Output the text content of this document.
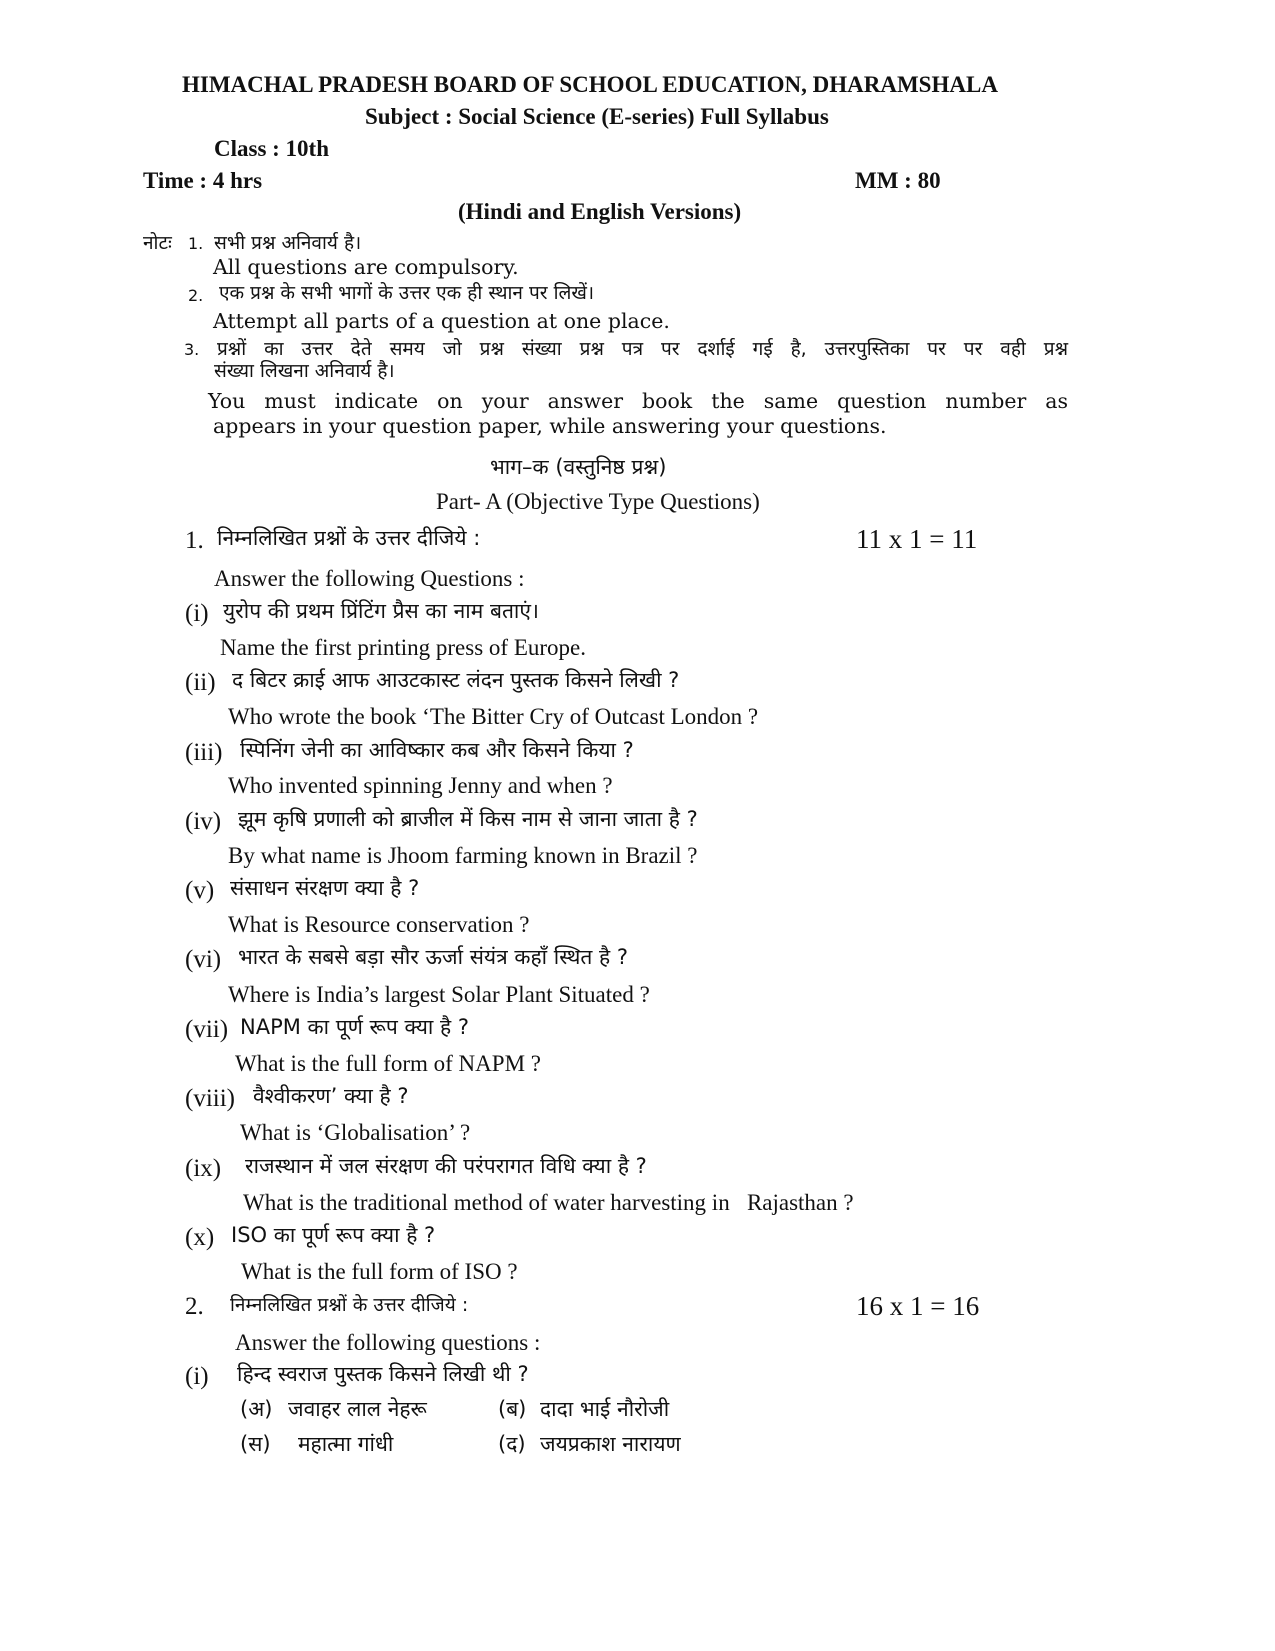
HIMACHAL PRADESH BOARD OF SCHOOL EDUCATION, DHARAMSHALA
Subject : Social Science (E-series) Full Syllabus
Class : 10th
Time : 4 hrs	MM : 80
(Hindi and English Versions)
नोटः 1. सभी प्रश्न अनिवार्य है।
All questions are compulsory.
2. एक प्रश्न के सभी भागों के उत्तर एक ही स्थान पर लिखें।
Attempt all parts of a question at one place.
3. प्रश्नों का उत्तर देते समय जो प्रश्न संख्या प्रश्न पत्र पर दर्शाई गई है, उत्तरपुस्तिका पर पर वही प्रश्न
संख्या लिखना अनिवार्य है।
You must indicate on your answer book the same question number as
appears in your question paper, while answering your questions.
भाग–क (वस्तुनिष्ठ प्रश्न)
Part- A (Objective Type Questions)
1. निम्नलिखित प्रश्नों के उत्तर दीजिये :	11 x 1 = 11
Answer the following Questions :
(i) युरोप की प्रथम प्रिंटिंग प्रैस का नाम बताएं।
Name the first printing press of Europe.
(ii) द बिटर क्राई आफ आउटकास्ट लंदन पुस्तक किसने लिखी ?
Who wrote the book ‘The Bitter Cry of Outcast London ?
(iii) स्पिनिंग जेनी का आविष्कार कब और किसने किया ?
Who invented spinning Jenny and when ?
(iv) झूम कृषि प्रणाली को ब्राजील में किस नाम से जाना जाता है ?
By what name is Jhoom farming known in Brazil ?
(v) संसाधन संरक्षण क्या है ?
What is Resource conservation ?
(vi) भारत के सबसे बड़ा सौर ऊर्जा संयंत्र कहाँ स्थित है ?
Where is India’s largest Solar Plant Situated ?
(vii) NAPM का पूर्ण रूप क्या है ?
What is the full form of NAPM ?
(viii) वैश्वीकरण’ क्या है ?
What is ‘Globalisation’ ?
(ix) राजस्थान में जल संरक्षण की परंपरागत विधि क्या है ?
What is the traditional method of water harvesting in   Rajasthan ?
(x) ISO का पूर्ण रूप क्या है ?
What is the full form of ISO ?
2. निम्नलिखित प्रश्नों के उत्तर दीजिये :	16 x 1 = 16
Answer the following questions :
(i) हिन्द स्वराज पुस्तक किसने लिखी थी ?
(अ) जवाहर लाल नेहरू	(ब) दादा भाई नौरोजी
(स) महात्मा गांधी	(द) जयप्रकाश नारायण
